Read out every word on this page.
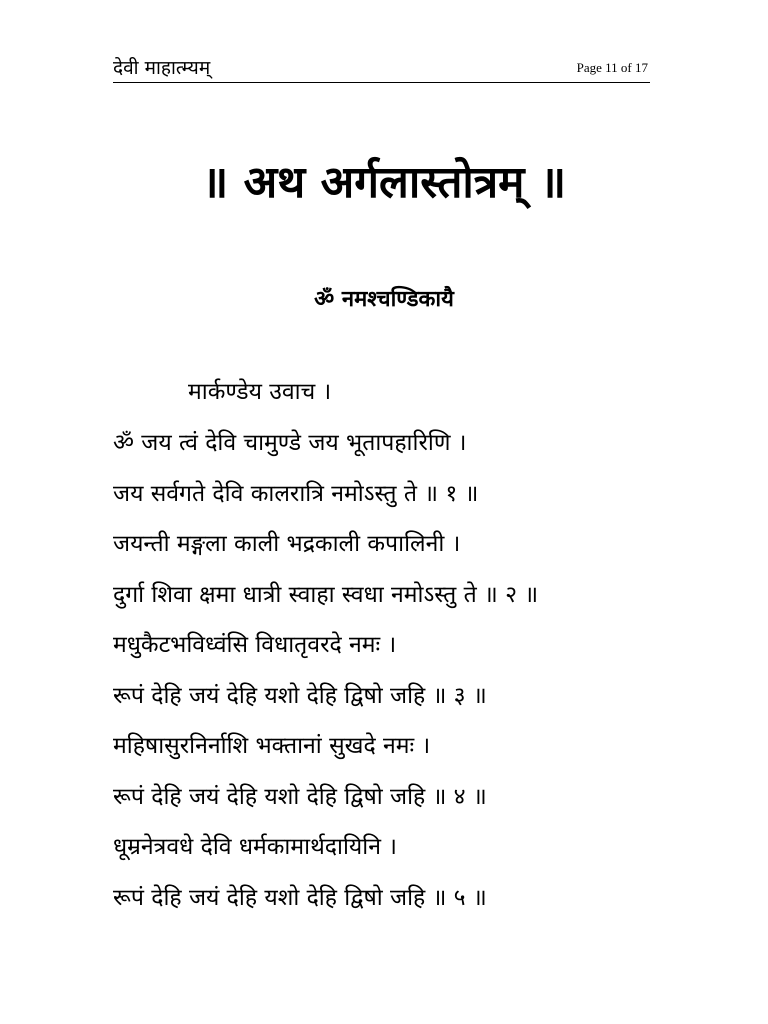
देवी माहात्म्यम्	Page 11 of 17
॥ अथ अर्गलास्तोत्रम् ॥
ॐ नमश्चण्डिकायै
मार्कण्डेय उवाच ।
ॐ जय त्वं देवि चामुण्डे जय भूतापहारिणि ।
जय सर्वगते देवि कालरात्रि नमोऽस्तु ते ॥ १ ॥
जयन्ती मङ्गला काली भद्रकाली कपालिनी ।
दुर्गा शिवा क्षमा धात्री स्वाहा स्वधा नमोऽस्तु ते ॥ २ ॥
मधुकैटभविध्वंसि विधातृवरदे नमः ।
रूपं देहि जयं देहि यशो देहि द्विषो जहि ॥ ३ ॥
महिषासुरनिर्नाशि भक्तानां सुखदे नमः ।
रूपं देहि जयं देहि यशो देहि द्विषो जहि ॥ ४ ॥
धूम्रनेत्रवधे देवि धर्मकामार्थदायिनि ।
रूपं देहि जयं देहि यशो देहि द्विषो जहि ॥ ५ ॥
